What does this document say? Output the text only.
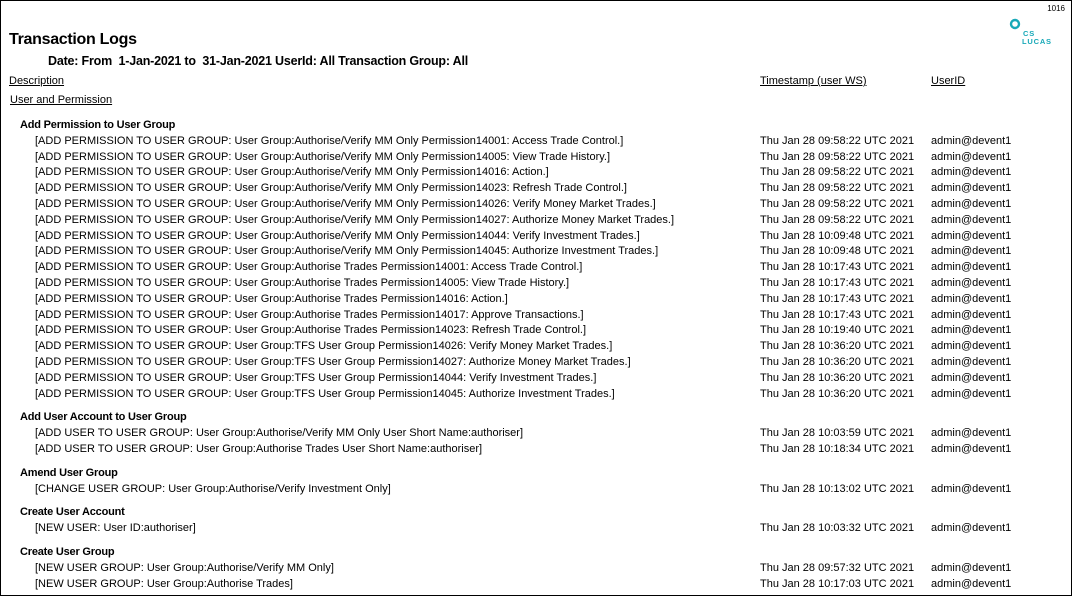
1016
CS
LUCAS
Transaction Logs
Date: From  1-Jan-2021 to  31-Jan-2021 UserId: All Transaction Group: All
Description	Timestamp (user WS)	UserID
User and Permission
Add Permission to User Group
[ADD PERMISSION TO USER GROUP: User Group:Authorise/Verify MM Only Permission14001: Access Trade Control.]	Thu Jan 28 09:58:22 UTC 2021 admin@devent1
[ADD PERMISSION TO USER GROUP: User Group:Authorise/Verify MM Only Permission14005: View Trade History.]	Thu Jan 28 09:58:22 UTC 2021 admin@devent1
[ADD PERMISSION TO USER GROUP: User Group:Authorise/Verify MM Only Permission14016: Action.]	Thu Jan 28 09:58:22 UTC 2021 admin@devent1
[ADD PERMISSION TO USER GROUP: User Group:Authorise/Verify MM Only Permission14023: Refresh Trade Control.]	Thu Jan 28 09:58:22 UTC 2021 admin@devent1
[ADD PERMISSION TO USER GROUP: User Group:Authorise/Verify MM Only Permission14026: Verify Money Market Trades.]	Thu Jan 28 09:58:22 UTC 2021 admin@devent1
[ADD PERMISSION TO USER GROUP: User Group:Authorise/Verify MM Only Permission14027: Authorize Money Market Trades.]	Thu Jan 28 09:58:22 UTC 2021 admin@devent1
[ADD PERMISSION TO USER GROUP: User Group:Authorise/Verify MM Only Permission14044: Verify Investment Trades.]	Thu Jan 28 10:09:48 UTC 2021 admin@devent1
[ADD PERMISSION TO USER GROUP: User Group:Authorise/Verify MM Only Permission14045: Authorize Investment Trades.]	Thu Jan 28 10:09:48 UTC 2021 admin@devent1
[ADD PERMISSION TO USER GROUP: User Group:Authorise Trades Permission14001: Access Trade Control.]	Thu Jan 28 10:17:43 UTC 2021 admin@devent1
[ADD PERMISSION TO USER GROUP: User Group:Authorise Trades Permission14005: View Trade History.]	Thu Jan 28 10:17:43 UTC 2021 admin@devent1
[ADD PERMISSION TO USER GROUP: User Group:Authorise Trades Permission14016: Action.]	Thu Jan 28 10:17:43 UTC 2021 admin@devent1
[ADD PERMISSION TO USER GROUP: User Group:Authorise Trades Permission14017: Approve Transactions.]	Thu Jan 28 10:17:43 UTC 2021 admin@devent1
[ADD PERMISSION TO USER GROUP: User Group:Authorise Trades Permission14023: Refresh Trade Control.]	Thu Jan 28 10:19:40 UTC 2021 admin@devent1
[ADD PERMISSION TO USER GROUP: User Group:TFS User Group Permission14026: Verify Money Market Trades.]	Thu Jan 28 10:36:20 UTC 2021 admin@devent1
[ADD PERMISSION TO USER GROUP: User Group:TFS User Group Permission14027: Authorize Money Market Trades.]	Thu Jan 28 10:36:20 UTC 2021 admin@devent1
[ADD PERMISSION TO USER GROUP: User Group:TFS User Group Permission14044: Verify Investment Trades.]	Thu Jan 28 10:36:20 UTC 2021 admin@devent1
[ADD PERMISSION TO USER GROUP: User Group:TFS User Group Permission14045: Authorize Investment Trades.]	Thu Jan 28 10:36:20 UTC 2021 admin@devent1
Add User Account to User Group
[ADD USER TO USER GROUP: User Group:Authorise/Verify MM Only User Short Name:authoriser]	Thu Jan 28 10:03:59 UTC 2021 admin@devent1
[ADD USER TO USER GROUP: User Group:Authorise Trades User Short Name:authoriser]	Thu Jan 28 10:18:34 UTC 2021 admin@devent1
Amend User Group
[CHANGE USER GROUP: User Group:Authorise/Verify Investment Only]	Thu Jan 28 10:13:02 UTC 2021 admin@devent1
Create User Account
[NEW USER: User ID:authoriser]	Thu Jan 28 10:03:32 UTC 2021 admin@devent1
Create User Group
[NEW USER GROUP: User Group:Authorise/Verify MM Only]	Thu Jan 28 09:57:32 UTC 2021 admin@devent1
[NEW USER GROUP: User Group:Authorise Trades]	Thu Jan 28 10:17:03 UTC 2021 admin@devent1
